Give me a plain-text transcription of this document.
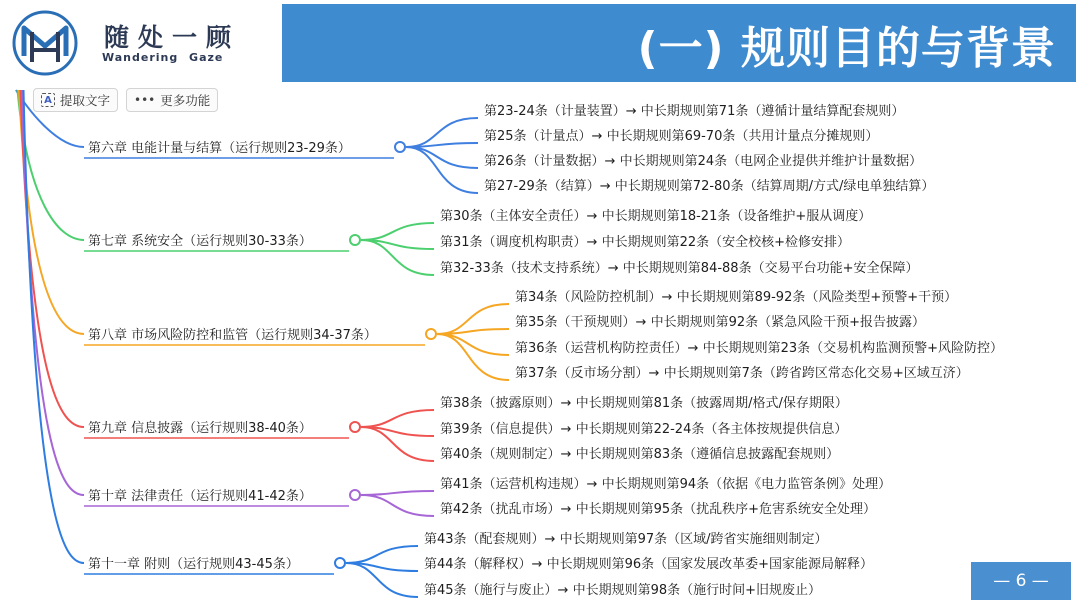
第六章 电能计量与结算（运行规则23-29条）
第23-24条（计量装置）→ 中长期规则第71条（遵循计量结算配套规则）
第25条（计量点）→ 中长期规则第69-70条（共用计量点分摊规则）
第26条（计量数据）→ 中长期规则第24条（电网企业提供并维护计量数据）
第27-29条（结算）→ 中长期规则第72-80条（结算周期/方式/绿电单独结算）
第七章 系统安全（运行规则30-33条）
第30条（主体安全责任）→ 中长期规则第18-21条（设备维护+服从调度）
第31条（调度机构职责）→ 中长期规则第22条（安全校核+检修安排）
第32-33条（技术支持系统）→ 中长期规则第84-88条（交易平台功能+安全保障）
第八章 市场风险防控和监管（运行规则34-37条）
第34条（风险防控机制）→ 中长期规则第89-92条（风险类型+预警+干预）
第35条（干预规则）→ 中长期规则第92条（紧急风险干预+报告披露）
第36条（运营机构防控责任）→ 中长期规则第23条（交易机构监测预警+风险防控）
第37条（反市场分割）→ 中长期规则第7条（跨省跨区常态化交易+区域互济）
第九章 信息披露（运行规则38-40条）
第38条（披露原则）→ 中长期规则第81条（披露周期/格式/保存期限）
第39条（信息提供）→ 中长期规则第22-24条（各主体按规提供信息）
第40条（规则制定）→ 中长期规则第83条（遵循信息披露配套规则）
第十章 法律责任（运行规则41-42条）
第41条（运营机构违规）→ 中长期规则第94条（依据《电力监管条例》处理）
第42条（扰乱市场）→ 中长期规则第95条（扰乱秩序+危害系统安全处理）
第十一章 附则（运行规则43-45条）
第43条（配套规则）→ 中长期规则第97条（区域/跨省实施细则制定）
第44条（解释权）→ 中长期规则第96条（国家发展改革委+国家能源局解释）
第45条（施行与废止）→ 中长期规则第98条（施行时间+旧规废止）
随处一顾
Wandering Gaze	(一) 规则目的与背景
A 提取文字 ••• 更多功能
— 6 —
